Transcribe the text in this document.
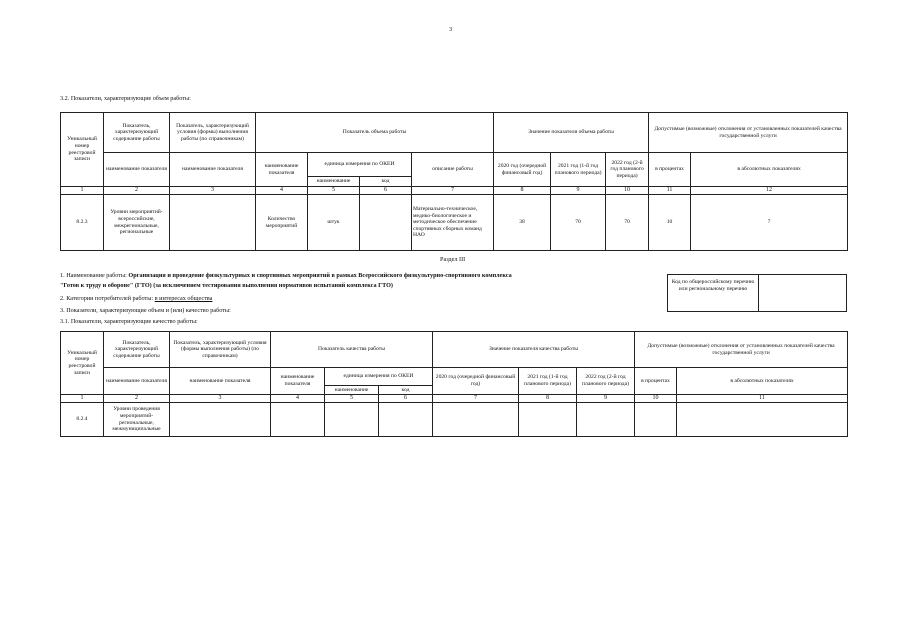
3
3.2. Показатели, характеризующие объем работы:
Уникальный номер реестровой записи	Показатель, характеризующий содержание работы	Показатель, характеризующий условия (формы) выполнения работы (по справочникам)	Показатель объема работы				Значение показателя объема работы			Допустимые (возможные) отклонения от установленных показателей качества государственной услуги	
	наименование показателя	наименование показателя	наименование показателя	единица измерения по ОКЕИ		описание работы	2020 год (очередной финансовый год)	2021 год (1-й год планового периода)	2022 год (2-й год планового периода)	в процентах	в абсолютных показателях
				наименование	код						
1	2	3	4	5	6	7	8	9	10	11	12
8.2.3	Уровни мероприятий-всероссийские, межрегиональные, региональные		Количество мероприятий	штук		Материально-техническое, медико-биологическое и методическое обеспечение спортивных сборных команд НАО	38	70	70	10	7
Раздел III
1. Наименование работы: Организация и проведение физкультурных и спортивных мероприятий в рамках Всероссийского физкультурно-спортивного комплекса
"Готов к труду и обороне" (ГТО) (за исключением тестирования выполнения нормативов испытаний комплекса ГТО)
2. Категории потребителей работы: в интересах общества
3. Показатели, характеризующие объем и (или) качество работы:
3.1. Показатели, характеризующие качество работы:
Код по общероссийскому перечню или региональному перечню
Уникальный номер реестровой записи	Показатель, характеризующий содержание работы	Показатель, характеризующий условия (формы выполнения работы) (по справочникам)	Показатель качества работы			Значение показателя качества работы			Допустимые (возможные) отклонения от установленных показателей качества государственной услуги	
	наименование показателя	наименование показателя	наименование показателя	единица измерения по ОКЕИ		2020 год (очередной финансовый год)	2021 год (1-й год планового периода)	2022 год (2-й год планового периода)	в процентах	в абсолютных показателях
				наименование	код					
1	2	3	4	5	6	7	8	9	10	11
8.2.4	Уровни проведения мероприятий-региональные, межмуниципальные									
